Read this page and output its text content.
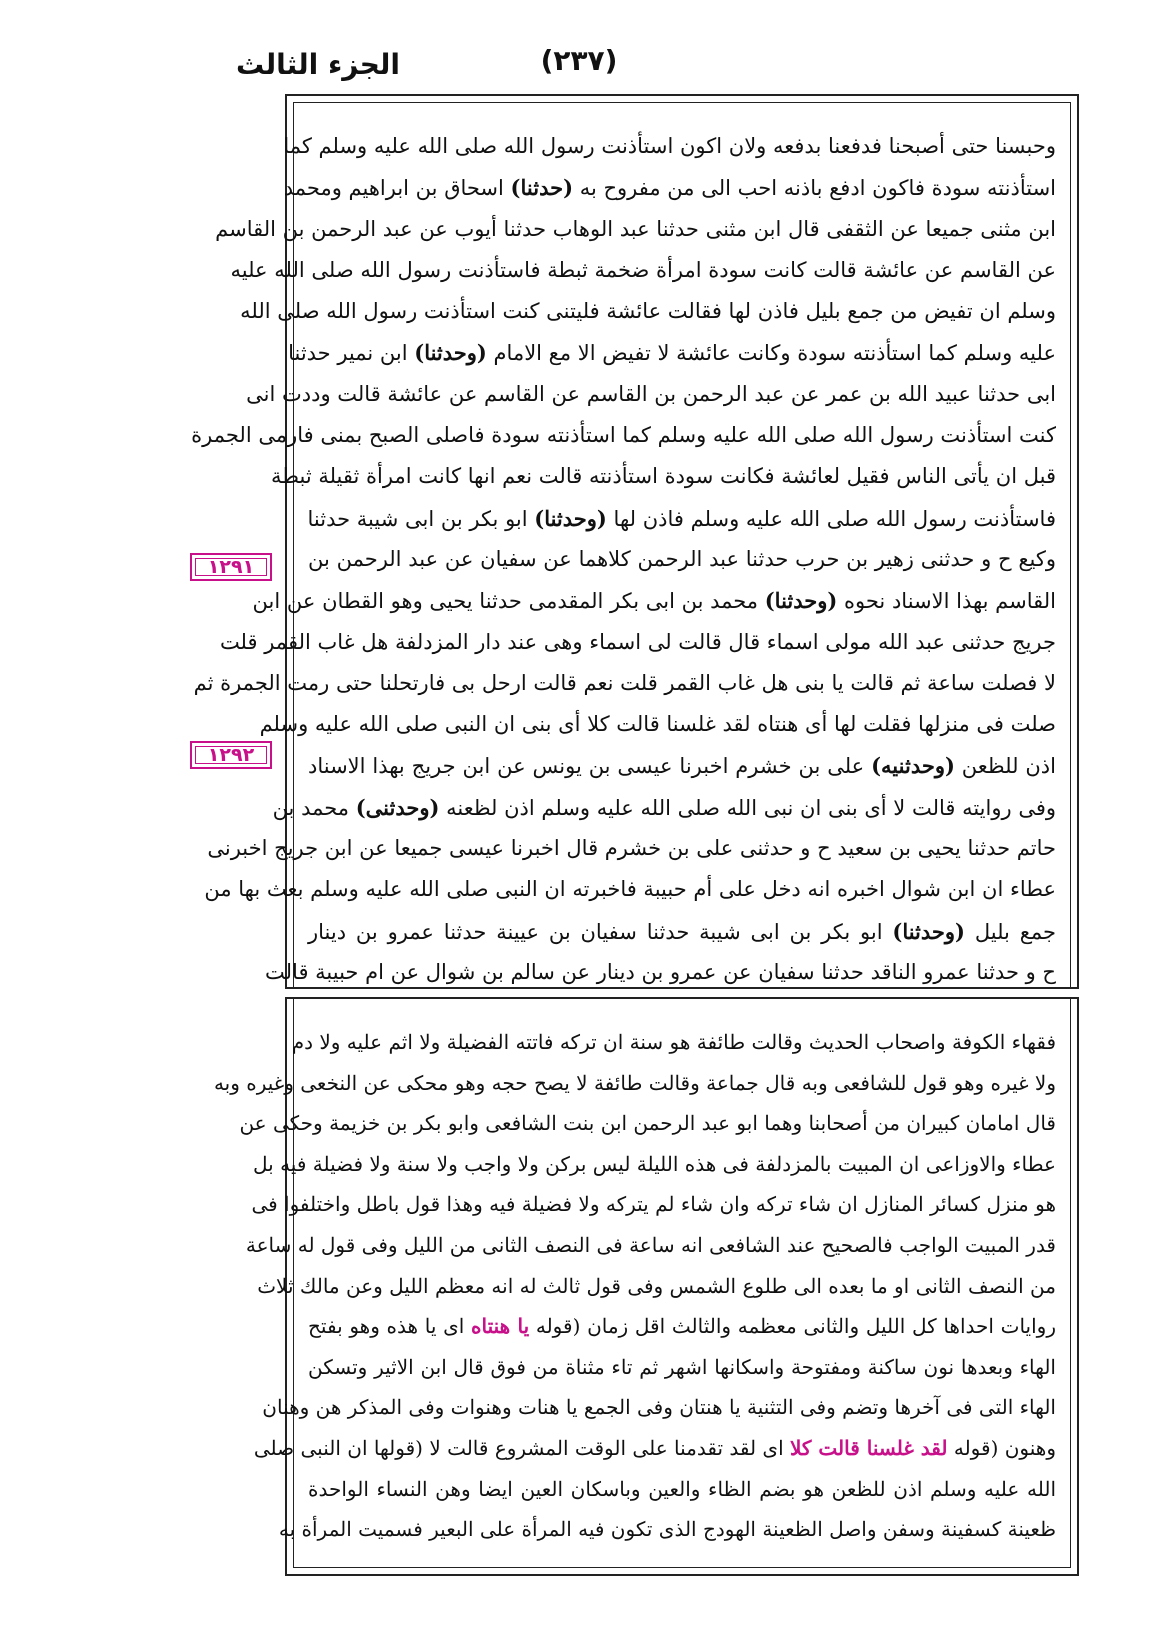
الجزء الثالث	(٢٣٧)
١٢٩١
١٢٩٢
وحبسنا حتى أصبحنا فدفعنا بدفعه ولان اكون استأذنت رسول الله صلى الله عليه وسلم كما
استأذنته سودة فاكون ادفع باذنه احب الى من مفروح به (حدثنا) اسحاق بن ابراهيم ومحمد
ابن مثنى جميعا عن الثقفى قال ابن مثنى حدثنا عبد الوهاب حدثنا أيوب عن عبد الرحمن بن القاسم
عن القاسم عن عائشة قالت كانت سودة امرأة ضخمة ثبطة فاستأذنت رسول الله صلى الله عليه
وسلم ان تفيض من جمع بليل فاذن لها فقالت عائشة فليتنى كنت استأذنت رسول الله صلى الله
عليه وسلم كما استأذنته سودة وكانت عائشة لا تفيض الا مع الامام (وحدثنا) ابن نمير حدثنا
ابى حدثنا عبيد الله بن عمر عن عبد الرحمن بن القاسم عن القاسم عن عائشة قالت وددت انى
كنت استأذنت رسول الله صلى الله عليه وسلم كما استأذنته سودة فاصلى الصبح بمنى فارمى الجمرة
قبل ان يأتى الناس فقيل لعائشة فكانت سودة استأذنته قالت نعم انها كانت امرأة ثقيلة ثبطة
فاستأذنت رسول الله صلى الله عليه وسلم فاذن لها (وحدثنا) ابو بكر بن ابى شيبة حدثنا
وكيع ح و حدثنى زهير بن حرب حدثنا عبد الرحمن كلاهما عن سفيان عن عبد الرحمن بن
القاسم بهذا الاسناد نحوه (وحدثنا) محمد بن ابى بكر المقدمى حدثنا يحيى وهو القطان عن ابن
جريج حدثنى عبد الله مولى اسماء قال قالت لى اسماء وهى عند دار المزدلفة هل غاب القمر قلت
لا فصلت ساعة ثم قالت يا بنى هل غاب القمر قلت نعم قالت ارحل بى فارتحلنا حتى رمت الجمرة ثم
صلت فى منزلها فقلت لها أى هنتاه لقد غلسنا قالت كلا أى بنى ان النبى صلى الله عليه وسلم
اذن للظعن (وحدثنيه) على بن خشرم اخبرنا عيسى بن يونس عن ابن جريج بهذا الاسناد
وفى روايته قالت لا أى بنى ان نبى الله صلى الله عليه وسلم اذن لظعنه (وحدثنى) محمد بن
حاتم حدثنا يحيى بن سعيد ح و حدثنى على بن خشرم قال اخبرنا عيسى جميعا عن ابن جريج اخبرنى
عطاء ان ابن شوال اخبره انه دخل على أم حبيبة فاخبرته ان النبى صلى الله عليه وسلم بعث بها من
جمع بليل (وحدثنا) ابو بكر بن ابى شيبة حدثنا سفيان بن عيينة حدثنا عمرو بن دينار
ح و حدثنا عمرو الناقد حدثنا سفيان عن عمرو بن دينار عن سالم بن شوال عن ام حبيبة قالت
فقهاء الكوفة واصحاب الحديث وقالت طائفة هو سنة ان تركه فاتته الفضيلة ولا اثم عليه ولا دم
ولا غيره وهو قول للشافعى وبه قال جماعة وقالت طائفة لا يصح حجه وهو محكى عن النخعى وغيره وبه
قال امامان كبيران من أصحابنا وهما ابو عبد الرحمن ابن بنت الشافعى وابو بكر بن خزيمة وحكى عن
عطاء والاوزاعى ان المبيت بالمزدلفة فى هذه الليلة ليس بركن ولا واجب ولا سنة ولا فضيلة فيه بل
هو منزل كسائر المنازل ان شاء تركه وان شاء لم يتركه ولا فضيلة فيه وهذا قول باطل واختلفوا فى
قدر المبيت الواجب فالصحيح عند الشافعى انه ساعة فى النصف الثانى من الليل وفى قول له ساعة
من النصف الثانى او ما بعده الى طلوع الشمس وفى قول ثالث له انه معظم الليل وعن مالك ثلاث
روايات احداها كل الليل والثانى معظمه والثالث اقل زمان (قوله يا هنتاه اى يا هذه وهو بفتح
الهاء وبعدها نون ساكنة ومفتوحة واسكانها اشهر ثم تاء مثناة من فوق قال ابن الاثير وتسكن
الهاء التى فى آخرها وتضم وفى التثنية يا هنتان وفى الجمع يا هنات وهنوات وفى المذكر هن وهنان
وهنون (قوله لقد غلسنا قالت كلا اى لقد تقدمنا على الوقت المشروع قالت لا (قولها ان النبى صلى
الله عليه وسلم اذن للظعن هو بضم الظاء والعين وباسكان العين ايضا وهن النساء الواحدة
ظعينة كسفينة وسفن واصل الظعينة الهودج الذى تكون فيه المرأة على البعير فسميت المرأة به
